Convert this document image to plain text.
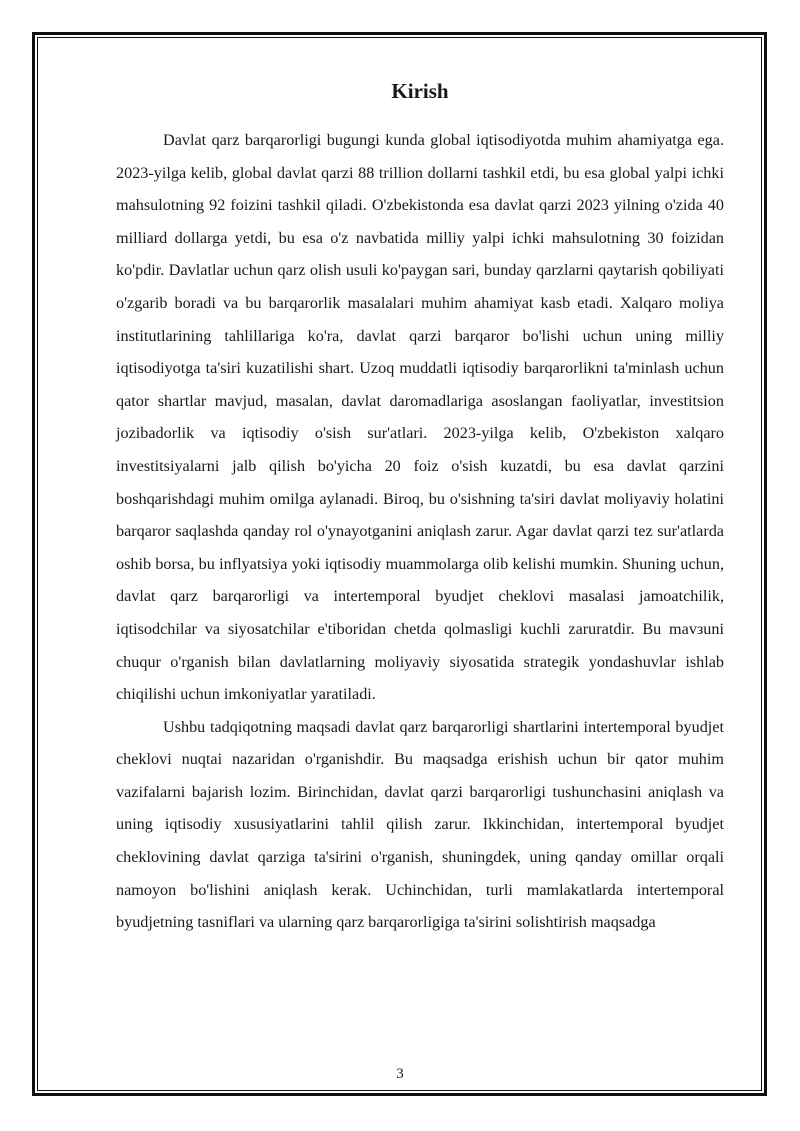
Kirish

Davlat qarz barqarorligi bugungi kunda global iqtisodiyotda muhim ahamiyatga ega. 2023-yilga kelib, global davlat qarzi 88 trillion dollarni tashkil etdi, bu esa global yalpi ichki mahsulotning 92 foizini tashkil qiladi. O'zbekistonda esa davlat qarzi 2023 yilning o'zida 40 milliard dollarga yetdi, bu esa o'z navbatida milliy yalpi ichki mahsulotning 30 foizidan ko'pdir. Davlatlar uchun qarz olish usuli ko'paygan sari, bunday qarzlarni qaytarish qobiliyati o'zgarib boradi va bu barqarorlik masalalari muhim ahamiyat kasb etadi. Xalqaro moliya institutlarining tahlillariga ko'ra, davlat qarzi barqaror bo'lishi uchun uning milliy iqtisodiyotga ta'siri kuzatilishi shart. Uzoq muddatli iqtisodiy barqarorlikni ta'minlash uchun qator shartlar mavjud, masalan, davlat daromadlariga asoslangan faoliyatlar, investitsion jozibadorlik va iqtisodiy o'sish sur'atlari. 2023-yilga kelib, O'zbekiston xalqaro investitsiyalarni jalb qilish bo'yicha 20 foiz o'sish kuzatdi, bu esa davlat qarzini boshqarishdagi muhim omilga aylanadi. Biroq, bu o'sishning ta'siri davlat moliyaviy holatini barqaror saqlashda qanday rol o'ynayotganini aniqlash zarur. Agar davlat qarzi tez sur'atlarda oshib borsa, bu inflyatsiya yoki iqtisodiy muammolarga olib kelishi mumkin. Shuning uchun, davlat qarz barqarorligi va intertemporal byudjet cheklovi masalasi jamoatchilik, iqtisodchilar va siyosatchilar e'tiboridan chetda qolmasligi kuchli zaruratdir. Bu mavзuni chuqur o'rganish bilan davlatlarning moliyaviy siyosatida strategik yondashuvlar ishlab chiqilishi uchun imkoniyatlar yaratiladi.

Ushbu tadqiqotning maqsadi davlat qarz barqarorligi shartlarini intertemporal byudjet cheklovi nuqtai nazaridan o'rganishdir. Bu maqsadga erishish uchun bir qator muhim vazifalarni bajarish lozim. Birinchidan, davlat qarzi barqarorligi tushunchasini aniqlash va uning iqtisodiy xususiyatlarini tahlil qilish zarur. Ikkinchidan, intertemporal byudjet cheklovining davlat qarziga ta'sirini o'rganish, shuningdek, uning qanday omillar orqali namoyon bo'lishini aniqlash kerak. Uchinchidan, turli mamlakatlarda intertemporal byudjetning tasniflari va ularning qarz barqarorligiga ta'sirini solishtirish maqsadga

3
